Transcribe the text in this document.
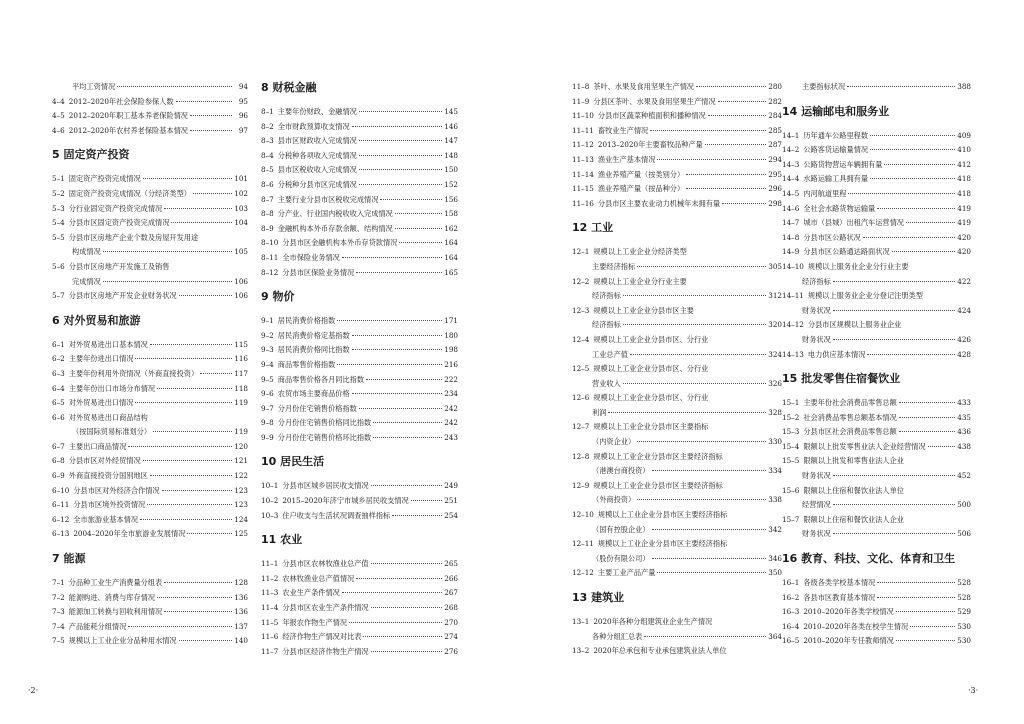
平均工资情况	94
4–4 2012–2020年社会保险参保人数	95
4–5 2012–2020年职工基本养老保险情况	96
4–6 2012–2020年农村养老保险基本情况	97
5 固定资产投资
5–1 固定资产投资完成情况	101
5–2 固定资产投资完成情况（分经济类型）	102
5–3 分行业固定资产投资完成情况	103
5–4 分县市区固定资产投资完成情况	104
5–5 分县市区房地产企业个数及房屋开发用途
构成情况	105
5–6 分县市区房地产开发施工及销售
完成情况	106
5–7 分县市区房地产开发企业财务状况	106
6 对外贸易和旅游
6–1 对外贸易进出口基本情况	115
6–2 主要年份进出口情况	116
6–3 主要年份利用外资情况（外商直接投资）	117
6–4 主要年份出口市场分布情况	118
6–5 对外贸易进出口情况	119
6–6 对外贸易进出口商品结构
（按国际贸易标准划分）	119
6–7 主要出口商品情况	120
6–8 分县市区对外经贸情况	121
6–9 外商直接投资分国别地区	122
6–10 分县市区对外经济合作情况	123
6–11 分县市区境外投资情况	123
6–12 全市旅游业基本情况	124
6–13 2004–2020年全市旅游业发展情况	125
7 能源
7–1 分品种工业生产消费量分组表	128
7–2 能源购进、消费与库存情况	136
7–3 能源加工转换与回收利用情况	136
7–4 产品能耗分组情况	137
7–5 规模以上工业企业分品种用水情况	140
8 财税金融
8–1 主要年份财政、金融情况	145
8–2 全市财政预算收支情况	146
8–3 县市区财政收入完成情况	147
8–4 分税种各项收入完成情况	148
8–5 县市区税收收入完成情况	150
8–6 分税种分县市区完成情况	152
8–7 主要行业分县市区税收完成情况	156
8–8 分产业、行业国内税收收入完成情况	158
8–9 金融机构本外币存款余额、结构情况	162
8–10 分县市区金融机构本外币存贷款情况	164
8–11 全市保险业务情况	164
8–12 分县市区保险业务情况	165
9 物价
9–1 居民消费价格指数	171
9–2 居民消费价格定基指数	180
9–3 居民消费价格同比指数	198
9–4 商品零售价格指数	216
9–5 商品零售价格各月同比指数	222
9–6 农贸市场主要商品价格	234
9–7 分月份住宅销售价格指数	242
9–8 分月份住宅销售价格同比指数	242
9–9 分月份住宅销售价格环比指数	243
10 居民生活
10–1 分县市区城乡居民收支情况	249
10–2 2015–2020年济宁市城乡居民收支情况	251
10–3 住户收支与生活状况调查抽样指标	254
11 农业
11–1 分县市区农林牧渔业总产值	265
11–2 农林牧渔业总产值情况	266
11–3 农业生产条件情况	267
11–4 分县市区农业生产条件情况	268
11–5 年报农作物生产情况	270
11–6 经济作物生产情况对比表	274
11–7 分县市区经济作物生产情况	276
11–8 茶叶、水果及食用坚果生产情况	280
11–9 分县区茶叶、水果及食用坚果生产情况	282
11–10 分县市区蔬菜种植面积和播种情况	284
11–11 畜牧业生产情况	285
11–12 2013–2020年主要畜牧品种产量	287
11–13 渔业生产基本情况	294
11–14 渔业养殖产量（按类别分）	295
11–15 渔业养殖产量（按品种分）	296
11–16 分县市区主要农业动力机械年末拥有量	298
12 工业
12–1 规模以上工业企业分经济类型
主要经济指标	305
12–2 规模以上工业企业分行业主要
经济指标	312
12–3 规模以上工业企业分县市区主要
经济指标	320
12–4 规模以上工业企业分县市区、分行业
工业总产值	324
12–5 规模以上工业企业分县市区、分行业
营业收入	326
12–6 规模以上工业企业分县市区、分行业
利润	328
12–7 规模以上工业企业分县市区主要指标
（内资企业）	330
12–8 规模以上工业企业分县市区主要经济指标
（港澳台商投资）	334
12–9 规模以上工业企业分县市区主要经济指标
（外商投资）	338
12–10 规模以上工业企业分县市区主要经济指标
（国有控股企业）	342
12–11 规模以上工业企业分县市区主要经济指标
（股份有限公司）	346
12–12 主要工业产品产量	350
13 建筑业
13–1 2020年各种分组建筑业企业生产情况
各种分组汇总表	364
13–2 2020年总承包和专业承包建筑业法人单位
主要指标状况	388
14 运输邮电和服务业
14–1 历年通车公路里程数	409
14–2 公路客货运输量情况	410
14–3 公路货物营运车辆拥有量	412
14–4 水路运输工具拥有量	418
14–5 内河航道里程	418
14–6 全社会水路货物运输量	419
14–7 城市（县城）出租汽车运营情况	419
14–8 分县市区公路状况	420
14–9 分县市区公路通达路面状况	420
14–10 规模以上服务业企业分行业主要
经济指标	422
14–11 规模以上服务业企业分登记注册类型
财务状况	424
14–12 分县市区规模以上服务业企业
财务状况	426
14–13 电力供应基本情况	428
15 批发零售住宿餐饮业
15–1 主要年份社会消费品零售总额	433
15–2 社会消费品零售总额基本情况	435
15–3 分县市区社会消费品零售总额	436
15–4 限额以上批发零售业法人企业经营情况	438
15–5 限额以上批发和零售业法人企业
财务状况	452
15–6 限额以上住宿和餐饮业法人单位
经营情况	500
15–7 限额以上住宿和餐饮业法人企业
财务状况	506
16 教育、科技、文化、体育和卫生
16–1 各级各类学校基本情况	528
16–2 各县市区教育基本情况	528
16–3 2010–2020年各类学校情况	529
16–4 2010–2020年各类在校学生情况	530
16–5 2010–2020年专任教师情况	530
·2·	·3·
